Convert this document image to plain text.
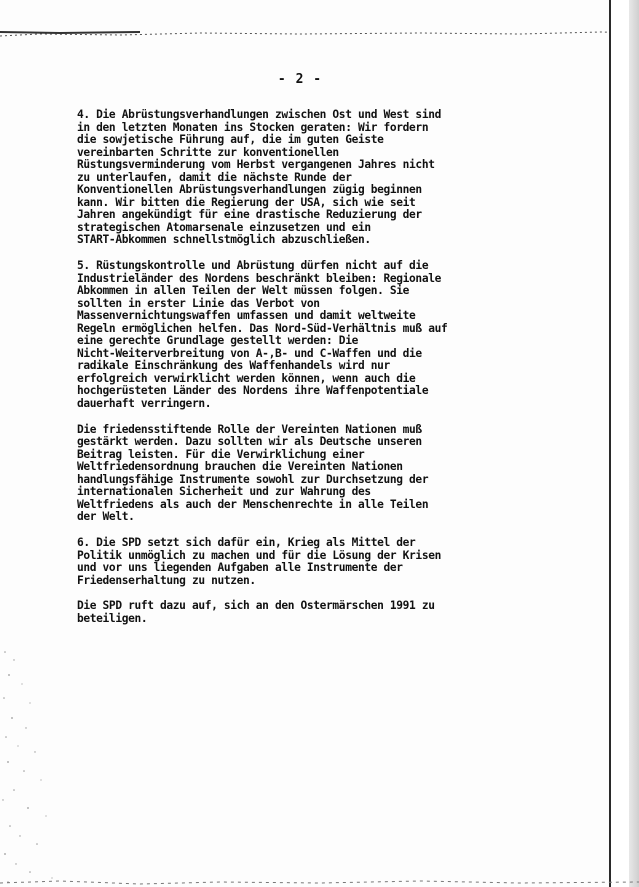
- 2 -
4. Die Abrüstungsverhandlungen zwischen Ost und West sind
in den letzten Monaten ins Stocken geraten: Wir fordern
die sowjetische Führung auf, die im guten Geiste
vereinbarten Schritte zur konventionellen
Rüstungsverminderung vom Herbst vergangenen Jahres nicht
zu unterlaufen, damit die nächste Runde der
Konventionellen Abrüstungsverhandlungen zügig beginnen
kann. Wir bitten die Regierung der USA, sich wie seit
Jahren angekündigt für eine drastische Reduzierung der
strategischen Atomarsenale einzusetzen und ein
START-Abkommen schnellstmöglich abzuschließen.
5. Rüstungskontrolle und Abrüstung dürfen nicht auf die
Industrieländer des Nordens beschränkt bleiben: Regionale
Abkommen in allen Teilen der Welt müssen folgen. Sie
sollten in erster Linie das Verbot von
Massenvernichtungswaffen umfassen und damit weltweite
Regeln ermöglichen helfen. Das Nord-Süd-Verhältnis muß auf
eine gerechte Grundlage gestellt werden: Die
Nicht-Weiterverbreitung von A-,B- und C-Waffen und die
radikale Einschränkung des Waffenhandels wird nur
erfolgreich verwirklicht werden können, wenn auch die
hochgerüsteten Länder des Nordens ihre Waffenpotentiale
dauerhaft verringern.
Die friedensstiftende Rolle der Vereinten Nationen muß
gestärkt werden. Dazu sollten wir als Deutsche unseren
Beitrag leisten. Für die Verwirklichung einer
Weltfriedensordnung brauchen die Vereinten Nationen
handlungsfähige Instrumente sowohl zur Durchsetzung der
internationalen Sicherheit und zur Wahrung des
Weltfriedens als auch der Menschenrechte in alle Teilen
der Welt.
6. Die SPD setzt sich dafür ein, Krieg als Mittel der
Politik unmöglich zu machen und für die Lösung der Krisen
und vor uns liegenden Aufgaben alle Instrumente der
Friedenserhaltung zu nutzen.
Die SPD ruft dazu auf, sich an den Ostermärschen 1991 zu
beteiligen.
